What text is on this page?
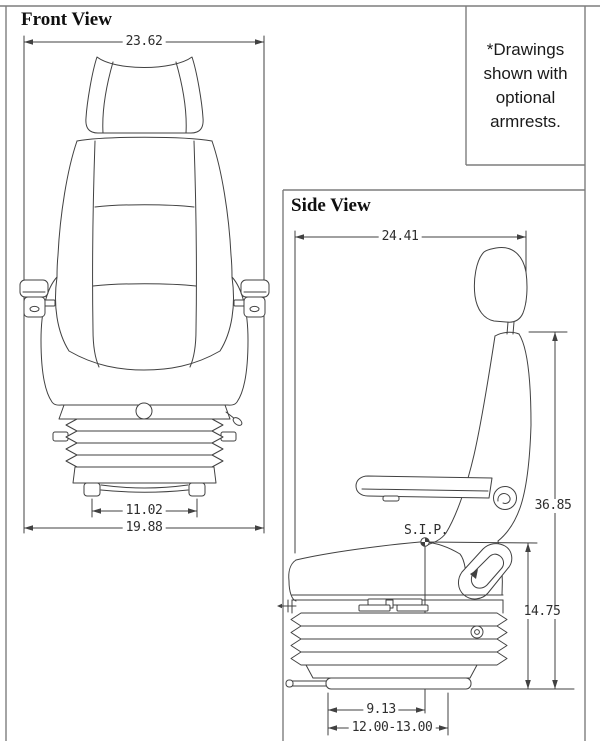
Front View
Side View
*Drawings
shown with
optional
armrests.
23.62
11.02
19.88
24.41
36.85
14.75
9.13
12.00-13.00
S.I.P.
